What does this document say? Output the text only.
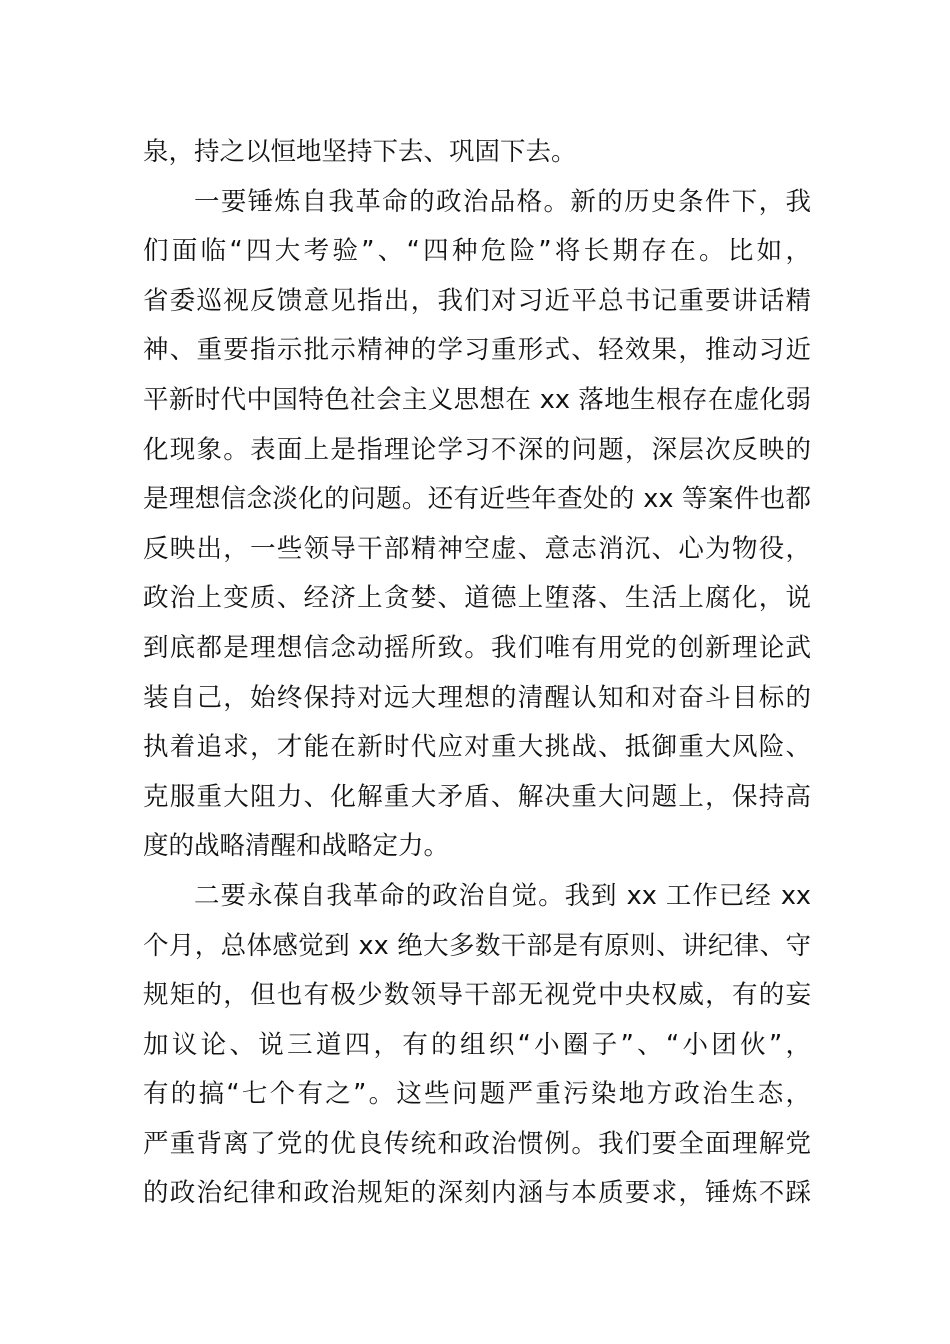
泉，持之以恒地坚持下去、巩固下去。
一要锤炼自我革命的政治品格。新的历史条件下，我
们面临“四大考验”、“四种危险”将长期存在。比如，
省委巡视反馈意见指出，我们对习近平总书记重要讲话精
神、重要指示批示精神的学习重形式、轻效果，推动习近
平新时代中国特色社会主义思想在 xx 落地生根存在虚化弱
化现象。表面上是指理论学习不深的问题，深层次反映的
是理想信念淡化的问题。还有近些年查处的 xx 等案件也都
反映出，一些领导干部精神空虚、意志消沉、心为物役，
政治上变质、经济上贪婪、道德上堕落、生活上腐化，说
到底都是理想信念动摇所致。我们唯有用党的创新理论武
装自己，始终保持对远大理想的清醒认知和对奋斗目标的
执着追求，才能在新时代应对重大挑战、抵御重大风险、
克服重大阻力、化解重大矛盾、解决重大问题上，保持高
度的战略清醒和战略定力。
二要永葆自我革命的政治自觉。我到 xx 工作已经 xx
个月，总体感觉到 xx 绝大多数干部是有原则、讲纪律、守
规矩的，但也有极少数领导干部无视党中央权威，有的妄
加议论、说三道四，有的组织“小圈子”、“小团伙”，
有的搞“七个有之”。这些问题严重污染地方政治生态，
严重背离了党的优良传统和政治惯例。我们要全面理解党
的政治纪律和政治规矩的深刻内涵与本质要求，锤炼不踩
